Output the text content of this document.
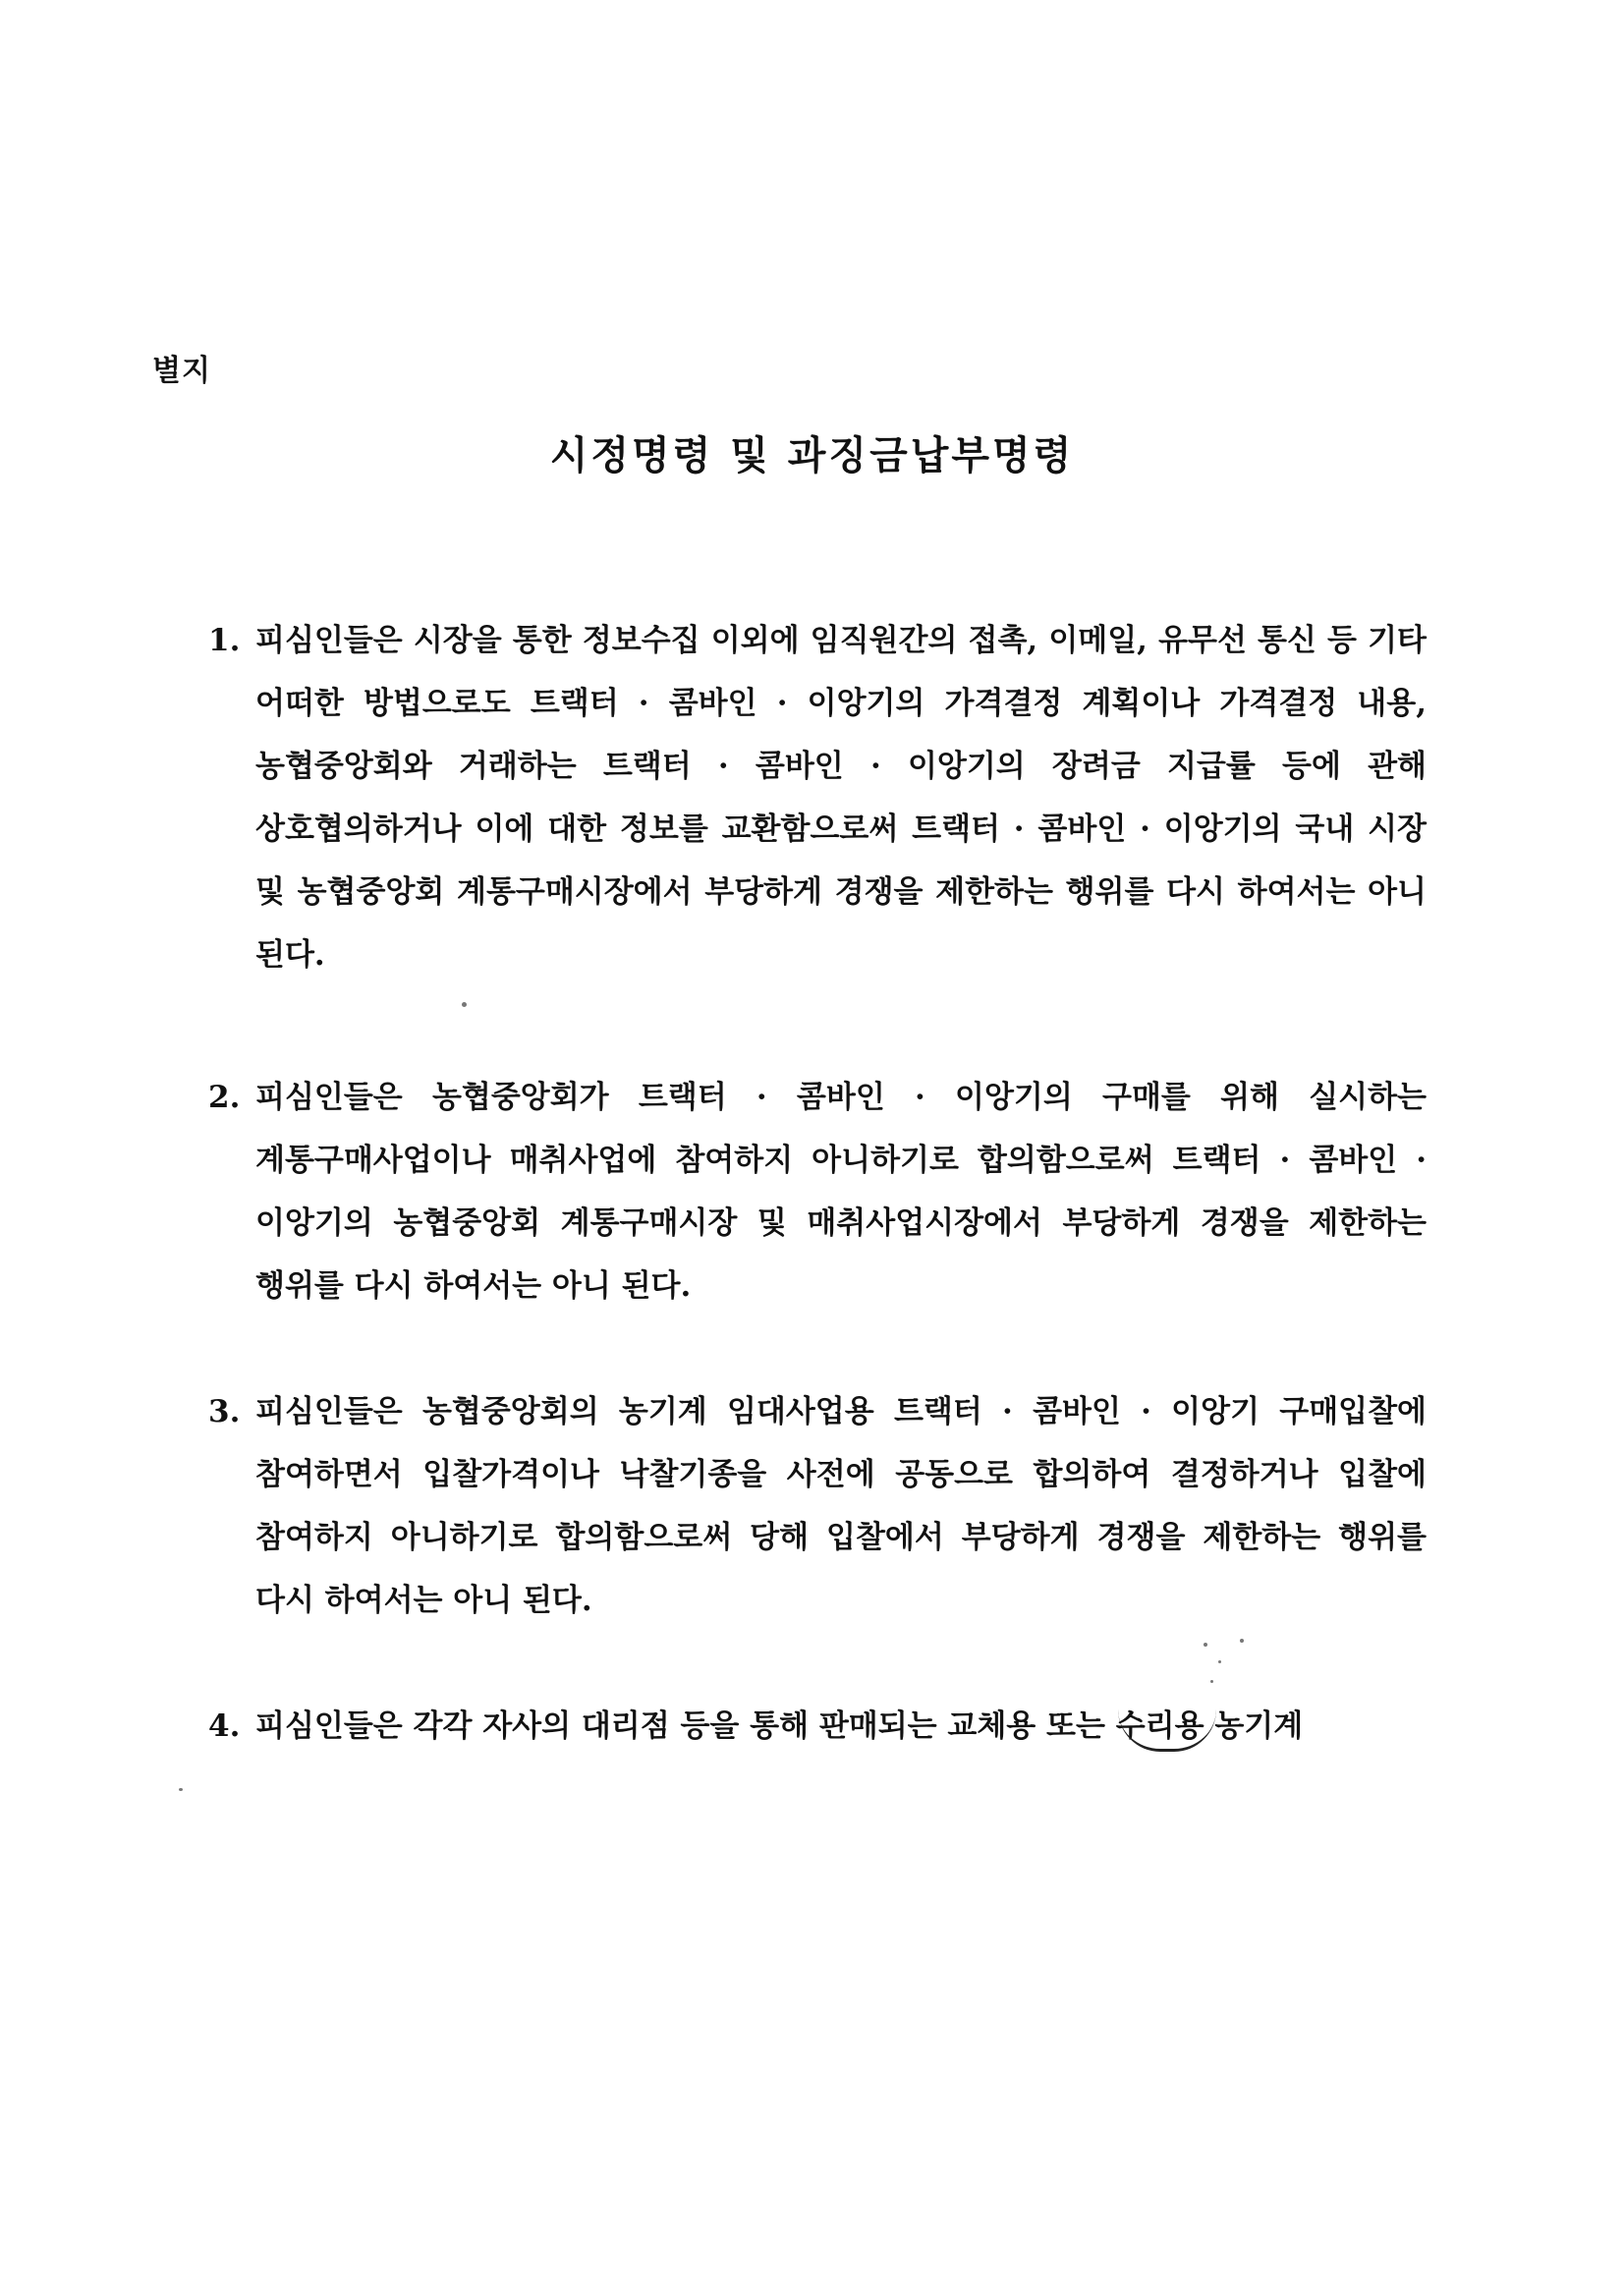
별지
시정명령 및 과징금납부명령
1. 피심인들은 시장을 통한 정보수집 이외에 임직원간의 접촉, 이메일, 유무선 통신 등 기타 어떠한 방법으로도 트랙터 · 콤바인 · 이앙기의 가격결정 계획이나 가격결정 내용, 농협중앙회와 거래하는 트랙터 · 콤바인 · 이앙기의 장려금 지급률 등에 관해 상호협의하거나 이에 대한 정보를 교환함으로써 트랙터 · 콤바인 · 이앙기의 국내 시장 및 농협중앙회 계통구매시장에서 부당하게 경쟁을 제한하는 행위를 다시 하여서는 아니 된다.
2. 피심인들은 농협중앙회가 트랙터 · 콤바인 · 이앙기의 구매를 위해 실시하는 계통구매사업이나 매취사업에 참여하지 아니하기로 합의함으로써 트랙터 · 콤바인 · 이앙기의 농협중앙회 계통구매시장 및 매취사업시장에서 부당하게 경쟁을 제한하는 행위를 다시 하여서는 아니 된다.
3. 피심인들은 농협중앙회의 농기계 임대사업용 트랙터 · 콤바인 · 이앙기 구매입찰에 참여하면서 입찰가격이나 낙찰기종을 사전에 공동으로 합의하여 결정하거나 입찰에 참여하지 아니하기로 합의함으로써 당해 입찰에서 부당하게 경쟁을 제한하는 행위를 다시 하여서는 아니 된다.
4. 피심인들은 각각 자사의 대리점 등을 통해 판매되는 교체용 또는 수리용 농기계
